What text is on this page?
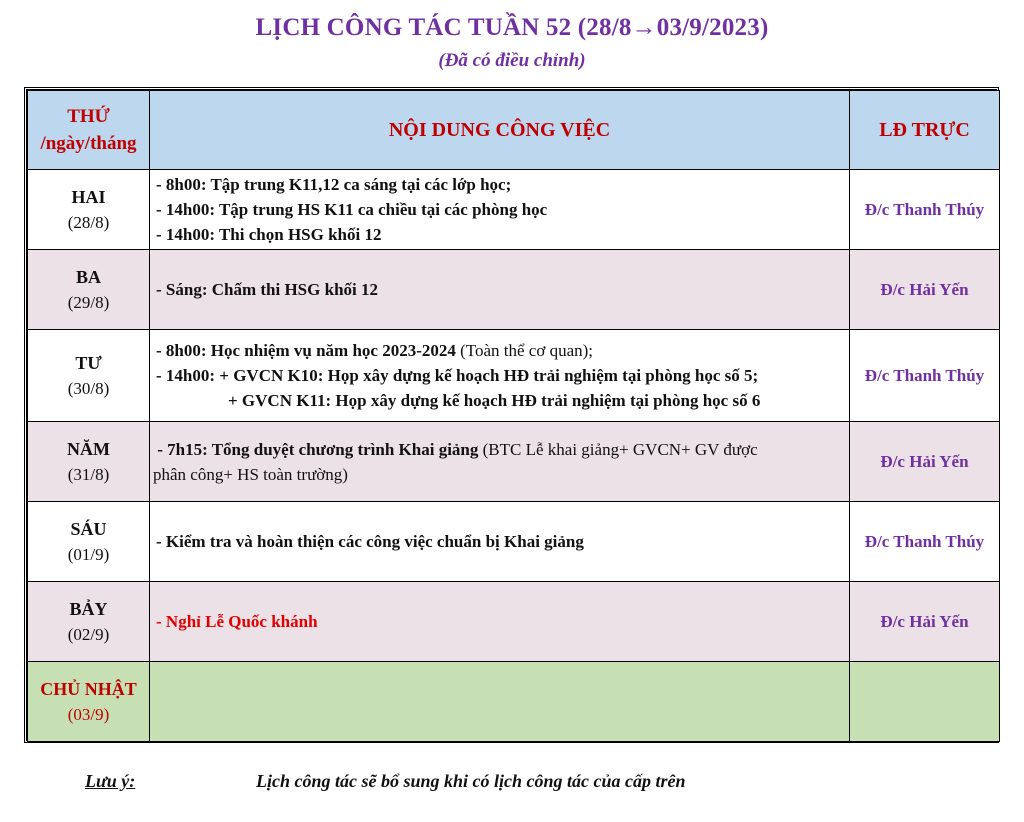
LỊCH CÔNG TÁC TUẦN 52 (28/8→03/9/2023)
(Đã có điều chỉnh)
THỨ
/ngày/tháng	NỘI DUNG CÔNG VIỆC	LĐ TRỰC

HAI
(28/8)	- 8h00: Tập trung K11,12 ca sáng tại các lớp học;
- 14h00: Tập trung HS K11 ca chiều tại các phòng học
- 14h00: Thi chọn HSG khối 12	Đ/c Thanh Thúy

BA
(29/8)	- Sáng: Chấm thi HSG khối 12	Đ/c Hải Yến

TƯ
(30/8)	- 8h00: Học nhiệm vụ năm học 2023-2024 (Toàn thể cơ quan);
- 14h00: + GVCN K10: Họp xây dựng kế hoạch HĐ trải nghiệm tại phòng học số 5;
+ GVCN K11: Họp xây dựng kế hoạch HĐ trải nghiệm tại phòng học số 6	Đ/c Thanh Thúy

NĂM
(31/8)	- 7h15: Tổng duyệt chương trình Khai giảng (BTC Lễ khai giảng+ GVCN+ GV được
phân công+ HS toàn trường)	Đ/c Hải Yến

SÁU
(01/9)	- Kiểm tra và hoàn thiện các công việc chuẩn bị Khai giảng	Đ/c Thanh Thúy

BẢY
(02/9)	- Nghỉ Lễ Quốc khánh	Đ/c Hải Yến

CHỦ NHẬT
(03/9)		

Lưu ý:	Lịch công tác sẽ bổ sung khi có lịch công tác của cấp trên
